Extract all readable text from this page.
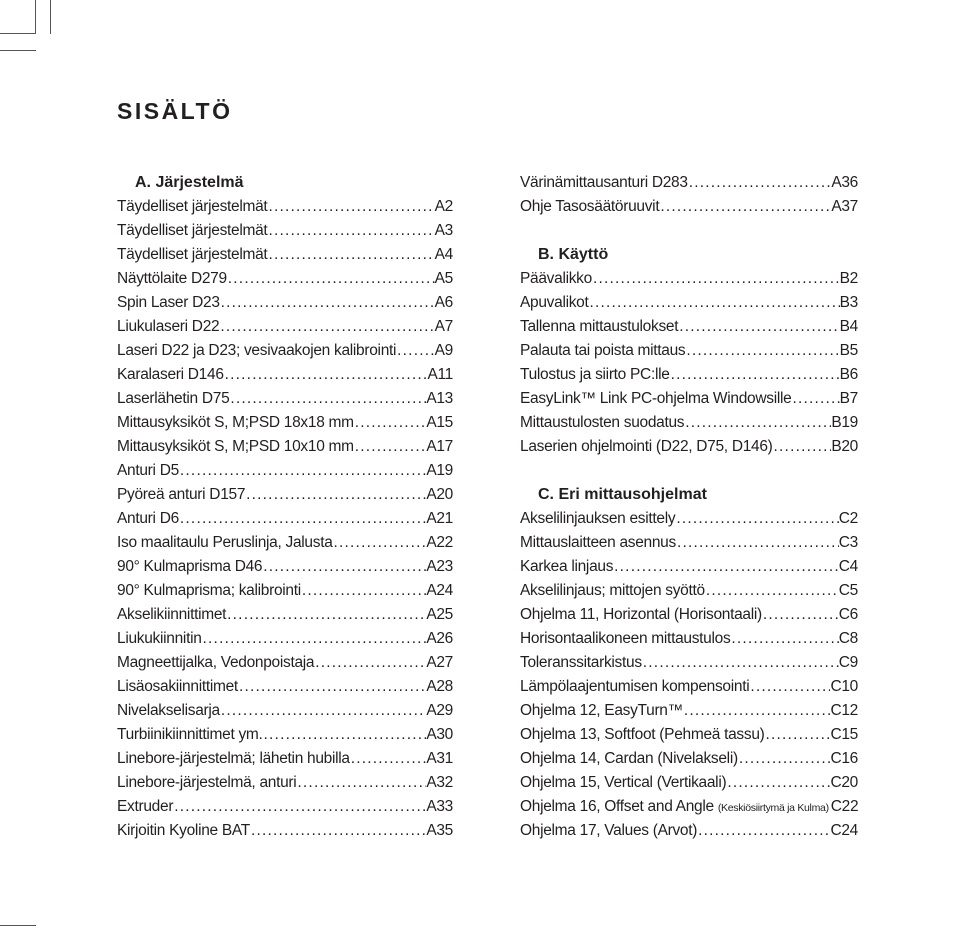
SISÄLTÖ
A. Järjestelmä
Täydelliset järjestelmät .....	A2
Täydelliset järjestelmät .....	A3
Täydelliset järjestelmät .....	A4
Näyttölaite D279 .....	A5
Spin Laser D23 .....	A6
Liukulaseri D22 .....	A7
Laseri D22 ja D23; vesivaakojen kalibrointi ..... A9
Karalaseri D146 .....	A11
Laserlähetin D75 .....	A13
Mittausyksiköt S, M;PSD 18x18 mm .....	A15
Mittausyksiköt S, M;PSD 10x10 mm .....	A17
Anturi D5 .....	A19
Pyöreä anturi D157 .....	A20
Anturi D6 .....	A21
Iso maalitaulu Peruslinja, Jalusta .....	A22
90° Kulmaprisma D46 .....	A23
90° Kulmaprisma; kalibrointi .....	A24
Akselikiinnittimet .....	A25
Liukukiinnitin .....	A26
Magneettijalka, Vedonpoistaja .....	A27
Lisäosakiinnittimet .....	A28
Nivelakselisarja .....	A29
Turbiinikiinnittimet ym. .....	A30
Linebore-järjestelmä; lähetin hubilla .....	A31
Linebore-järjestelmä, anturi .....	A32
Extruder .....	A33
Kirjoitin Kyoline BAT .....	A35
Värinämittausanturi D283 .....	A36
Ohje Tasosäätöruuvit .....	A37
B. Käyttö
Päävalikko .....	B2
Apuvalikot .....	B3
Tallenna mittaustulokset .....	B4
Palauta tai poista mittaus .....	B5
Tulostus ja siirto PC:lle .....	B6
EasyLink™ Link PC-ohjelma Windowsille .....	B7
Mittaustulosten suodatus .....	B19
Laserien ohjelmointi (D22, D75, D146) .....	B20
C. Eri mittausohjelmat
Akselilinjauksen esittely .....	C2
Mittauslaitteen asennus .....	C3
Karkea linjaus .....	C4
Akselilinjaus; mittojen syöttö .....	C5
Ohjelma 11, Horizontal (Horisontaali) .....	C6
Horisontaalikoneen mittaustulos .....	C8
Toleranssitarkistus .....	C9
Lämpölaajentumisen kompensointi .....	C10
Ohjelma 12, EasyTurn™ .....	C12
Ohjelma 13, Softfoot (Pehmeä tassu) .....	C15
Ohjelma 14, Cardan (Nivelakseli) .....	C16
Ohjelma 15, Vertical (Vertikaali) .....	C20
Ohjelma 16, Offset and Angle (Keskiösiirtymä ja Kulma) ..... C22
Ohjelma 17, Values (Arvot) .....	C24
